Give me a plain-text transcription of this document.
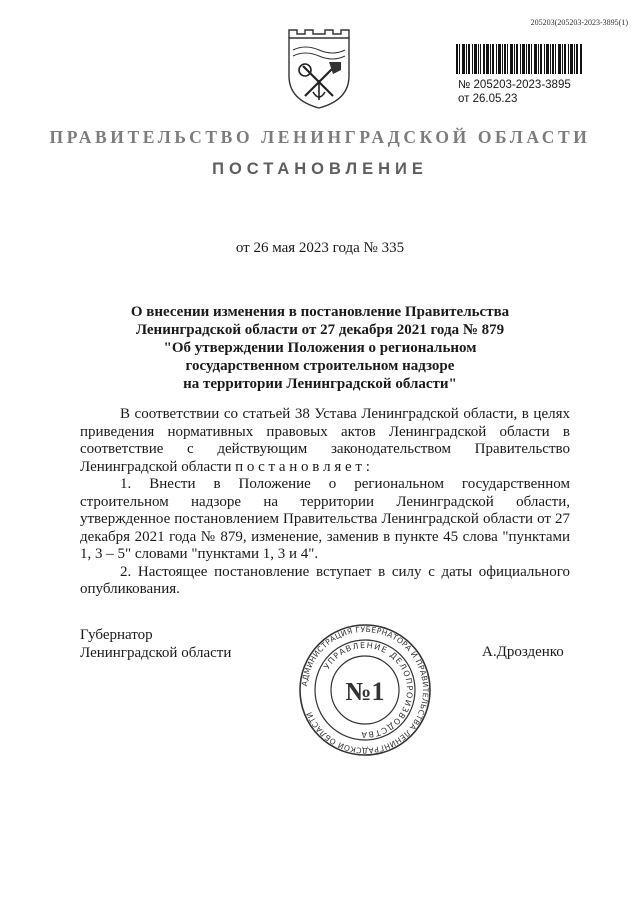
205203(205203-2023-3895(1)
№ 205203-2023-3895
от 26.05.23
ПРАВИТЕЛЬСТВО ЛЕНИНГРАДСКОЙ ОБЛАСТИ
ПОСТАНОВЛЕНИЕ
от 26 мая 2023 года № 335
О внесении изменения в постановление Правительства
Ленинградской области от 27 декабря 2021 года № 879
"Об утверждении Положения о региональном
государственном строительном надзоре
на территории Ленинградской области"

В соответствии со статьей 38 Устава Ленинградской области, в целях приведения нормативных правовых актов Ленинградской области в соответствие с действующим законодательством Правительство Ленинградской области п о с т а н о в л я е т :

1. Внести в Положение о региональном государственном строительном надзоре на территории Ленинградской области, утвержденное постановлением Правительства Ленинградской области от 27 декабря 2021 года № 879, изменение, заменив в пункте 45 слова "пунктами 1, 3 – 5" словами "пунктами 1, 3 и 4".

2. Настоящее постановление вступает в силу с даты официального опубликования.

Губернатор
Ленинградской области	А.Дрозденко
АДМИНИСТРАЦИЯ ГУБЕРНАТОРА И ПРАВИТЕЛЬСТВА ЛЕНИНГРАДСКОЙ ОБЛАСТИ
УПРАВЛЕНИЕ ДЕЛОПРОИЗВОДСТВА
№1
